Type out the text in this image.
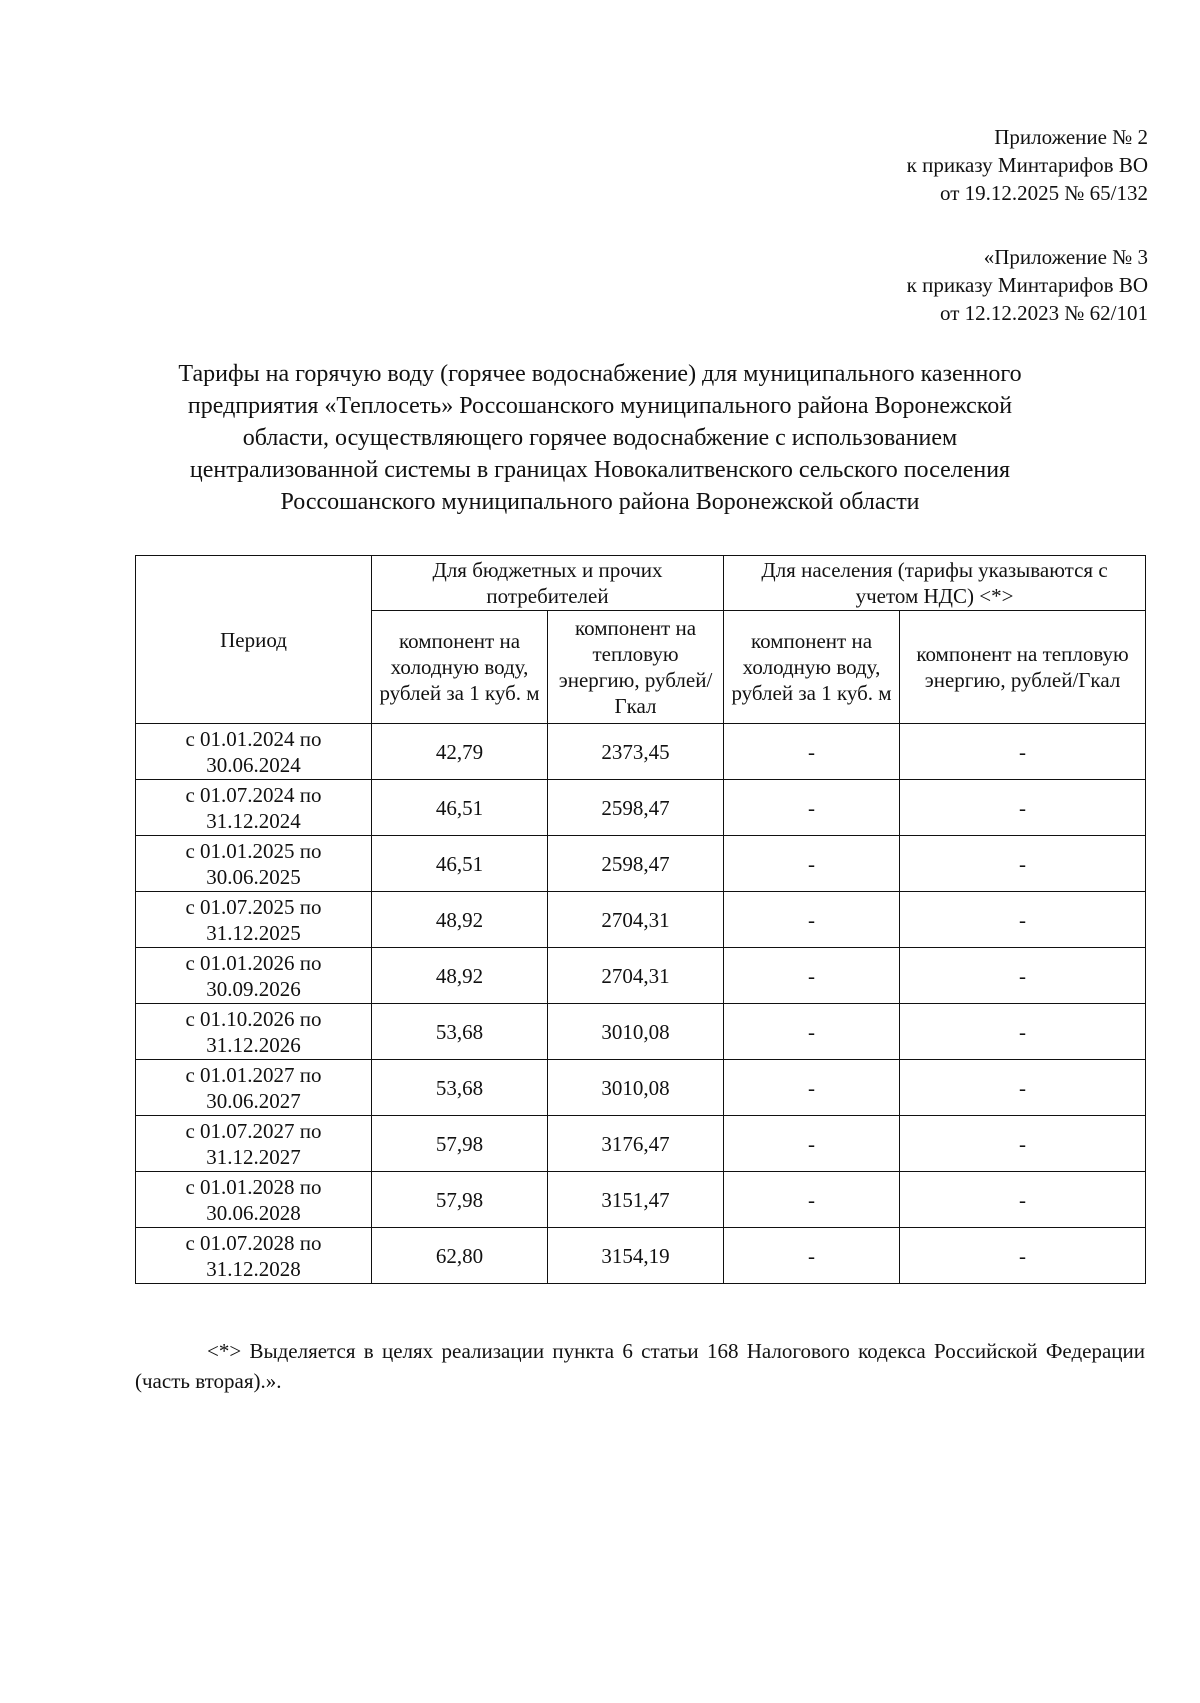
Приложение № 2
к приказу Минтарифов ВО
от 19.12.2025 № 65/132
«Приложение № 3
к приказу Минтарифов ВО
от 12.12.2023 № 62/101
Тарифы на горячую воду (горячее водоснабжение) для муниципального казенного
предприятия «Теплосеть» Россошанского муниципального района Воронежской
области, осуществляющего горячее водоснабжение с использованием
централизованной системы в границах Новокалитвенского сельского поселения
Россошанского муниципального района Воронежской области
Период	Для бюджетных и прочих потребителей		Для населения (тарифы указываются с учетом НДС) <*>	
	компонент на холодную воду, рублей за 1 куб. м	компонент на тепловую энергию, рублей/Гкал	компонент на холодную воду, рублей за 1 куб. м	компонент на тепловую энергию, рублей/Гкал

с 01.01.2024 по
30.06.2024	42,79	2373,45	-	-

с 01.07.2024 по
31.12.2024	46,51	2598,47	-	-

с 01.01.2025 по
30.06.2025	46,51	2598,47	-	-

с 01.07.2025 по
31.12.2025	48,92	2704,31	-	-

с 01.01.2026 по
30.09.2026	48,92	2704,31	-	-

с 01.10.2026 по
31.12.2026	53,68	3010,08	-	-

с 01.01.2027 по
30.06.2027	53,68	3010,08	-	-

с 01.07.2027 по
31.12.2027	57,98	3176,47	-	-

с 01.01.2028 по
30.06.2028	57,98	3151,47	-	-

с 01.07.2028 по
31.12.2028	62,80	3154,19	-	-
<*> Выделяется в целях реализации пункта 6 статьи 168 Налогового кодекса Российской Федерации (часть вторая).».
